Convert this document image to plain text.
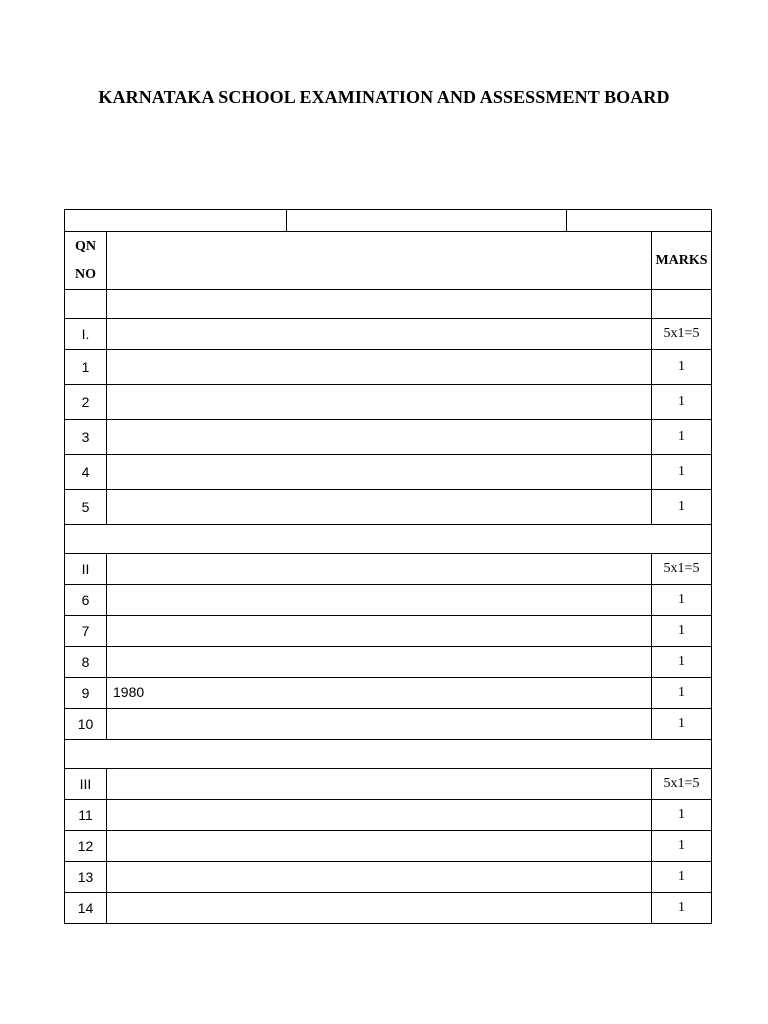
KARNATAKA SCHOOL EXAMINATION AND ASSESSMENT BOARD

QN
NO				MARKS

I.				5x1=5
1				1
2				1
3				1
4				1
5				1

II				5x1=5
6				1
7				1
8				1
9	1980			1
10				1

III				5x1=5
11				1
12				1
13				1
14				1
